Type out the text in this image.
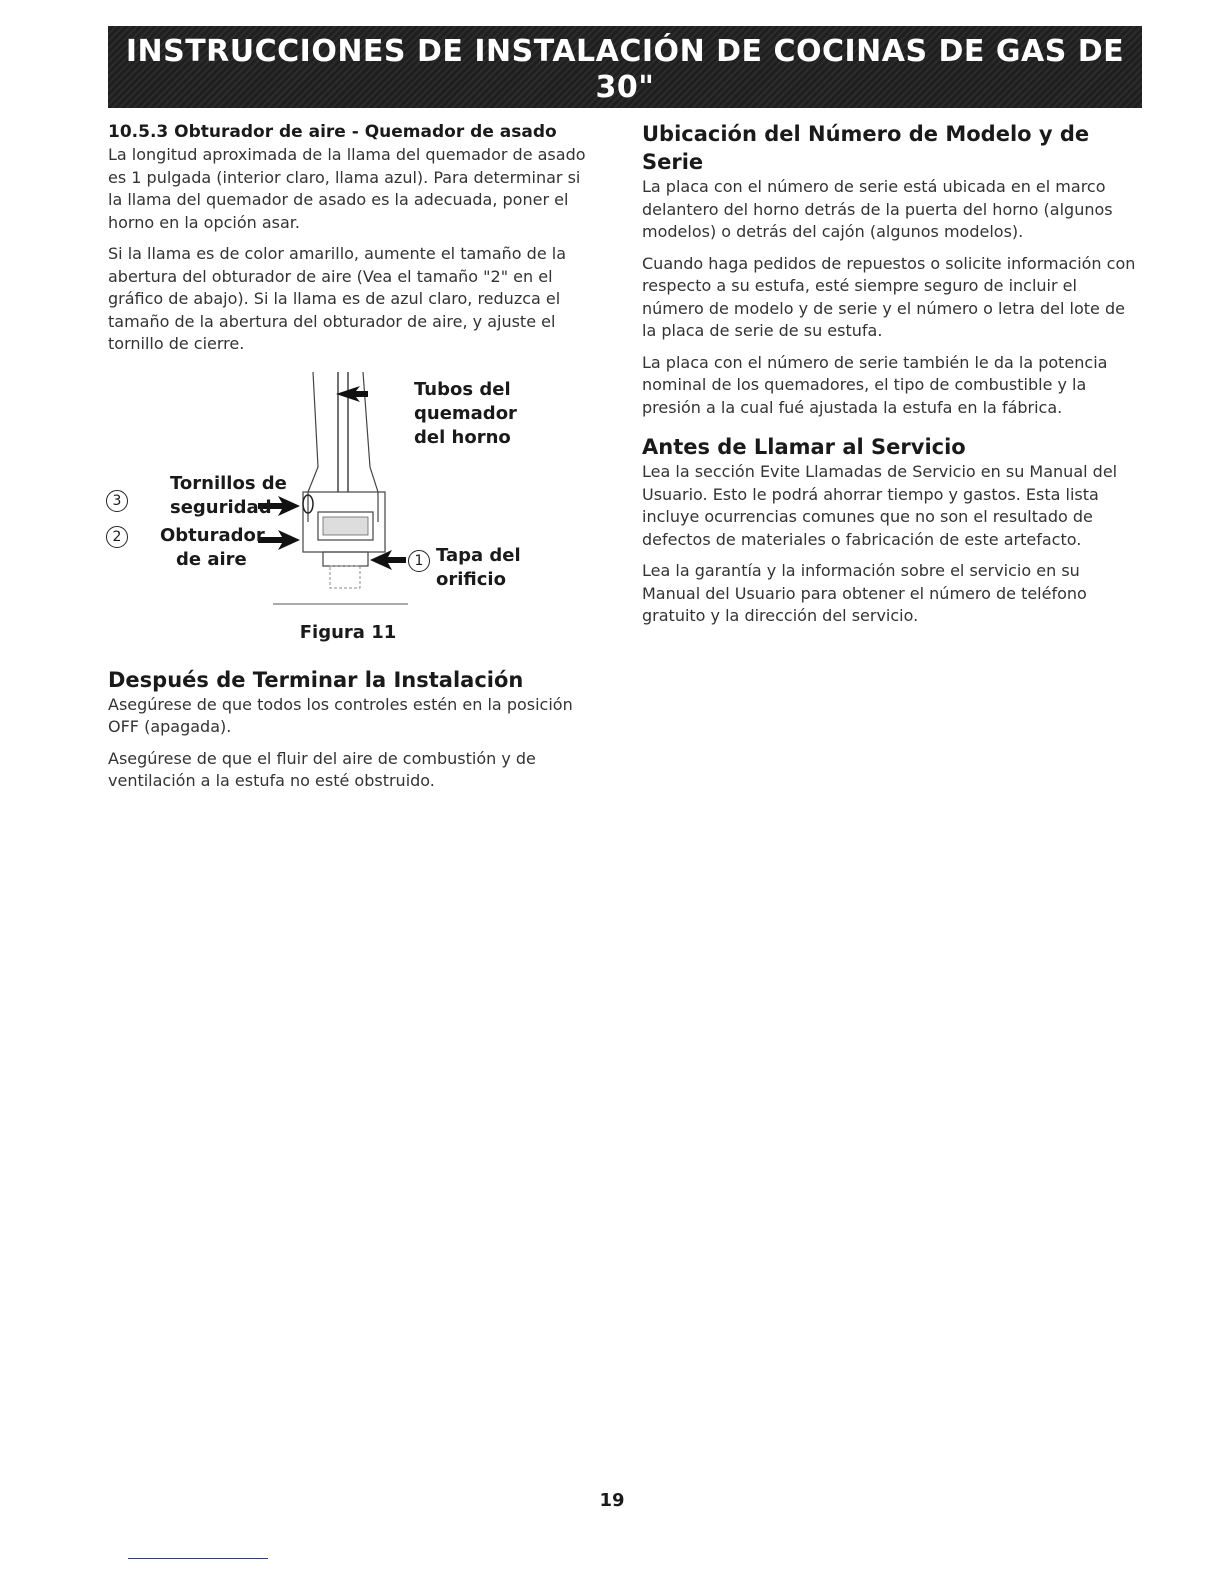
INSTRUCCIONES DE INSTALACIÓN DE COCINAS DE GAS DE 30"
(Modelos con quemadores sellados)
10.5.3 Obturador de aire - Quemador de asado

La longitud aproximada de la llama del quemador de asado es 1 pulgada (interior claro, llama azul). Para determinar si la llama del quemador de asado es la adecuada, poner el horno en la opción asar.

Si la llama es de color amarillo, aumente el tamaño de la abertura del obturador de aire (Vea el tamaño "2" en el gráfico de abajo). Si la llama es de azul claro, reduzca el tamaño de la abertura del obturador de aire, y ajuste el tornillo de cierre.

Tubos del
quemador
del horno
3
Tornillos de
seguridad
2	Obturador
de aire	1 Tapa del orificio
Figura 11
Después de Terminar la Instalación

Asegúrese de que todos los controles estén en la posición OFF (apagada).

Asegúrese de que el fluir del aire de combustión y de ventilación a la estufa no esté obstruido.

Ubicación del Número de Modelo y de Serie

La placa con el número de serie está ubicada en el marco delantero del horno detrás de la puerta del horno (algunos modelos) o detrás del cajón (algunos modelos).

Cuando haga pedidos de repuestos o solicite información con respecto a su estufa, esté siempre seguro de incluir el número de modelo y de serie y el número o letra del lote de la placa de serie de su estufa.

La placa con el número de serie también le da la potencia nominal de los quemadores, el tipo de combustible y la presión a la cual fué ajustada la estufa en la fábrica.

Antes de Llamar al Servicio

Lea la sección Evite Llamadas de Servicio en su Manual del Usuario. Esto le podrá ahorrar tiempo y gastos. Esta lista incluye ocurrencias comunes que no son el resultado de defectos de materiales o fabricación de este artefacto.

Lea la garantía y la información sobre el servicio en su Manual del Usuario para obtener el número de teléfono gratuito y la dirección del servicio.

19
